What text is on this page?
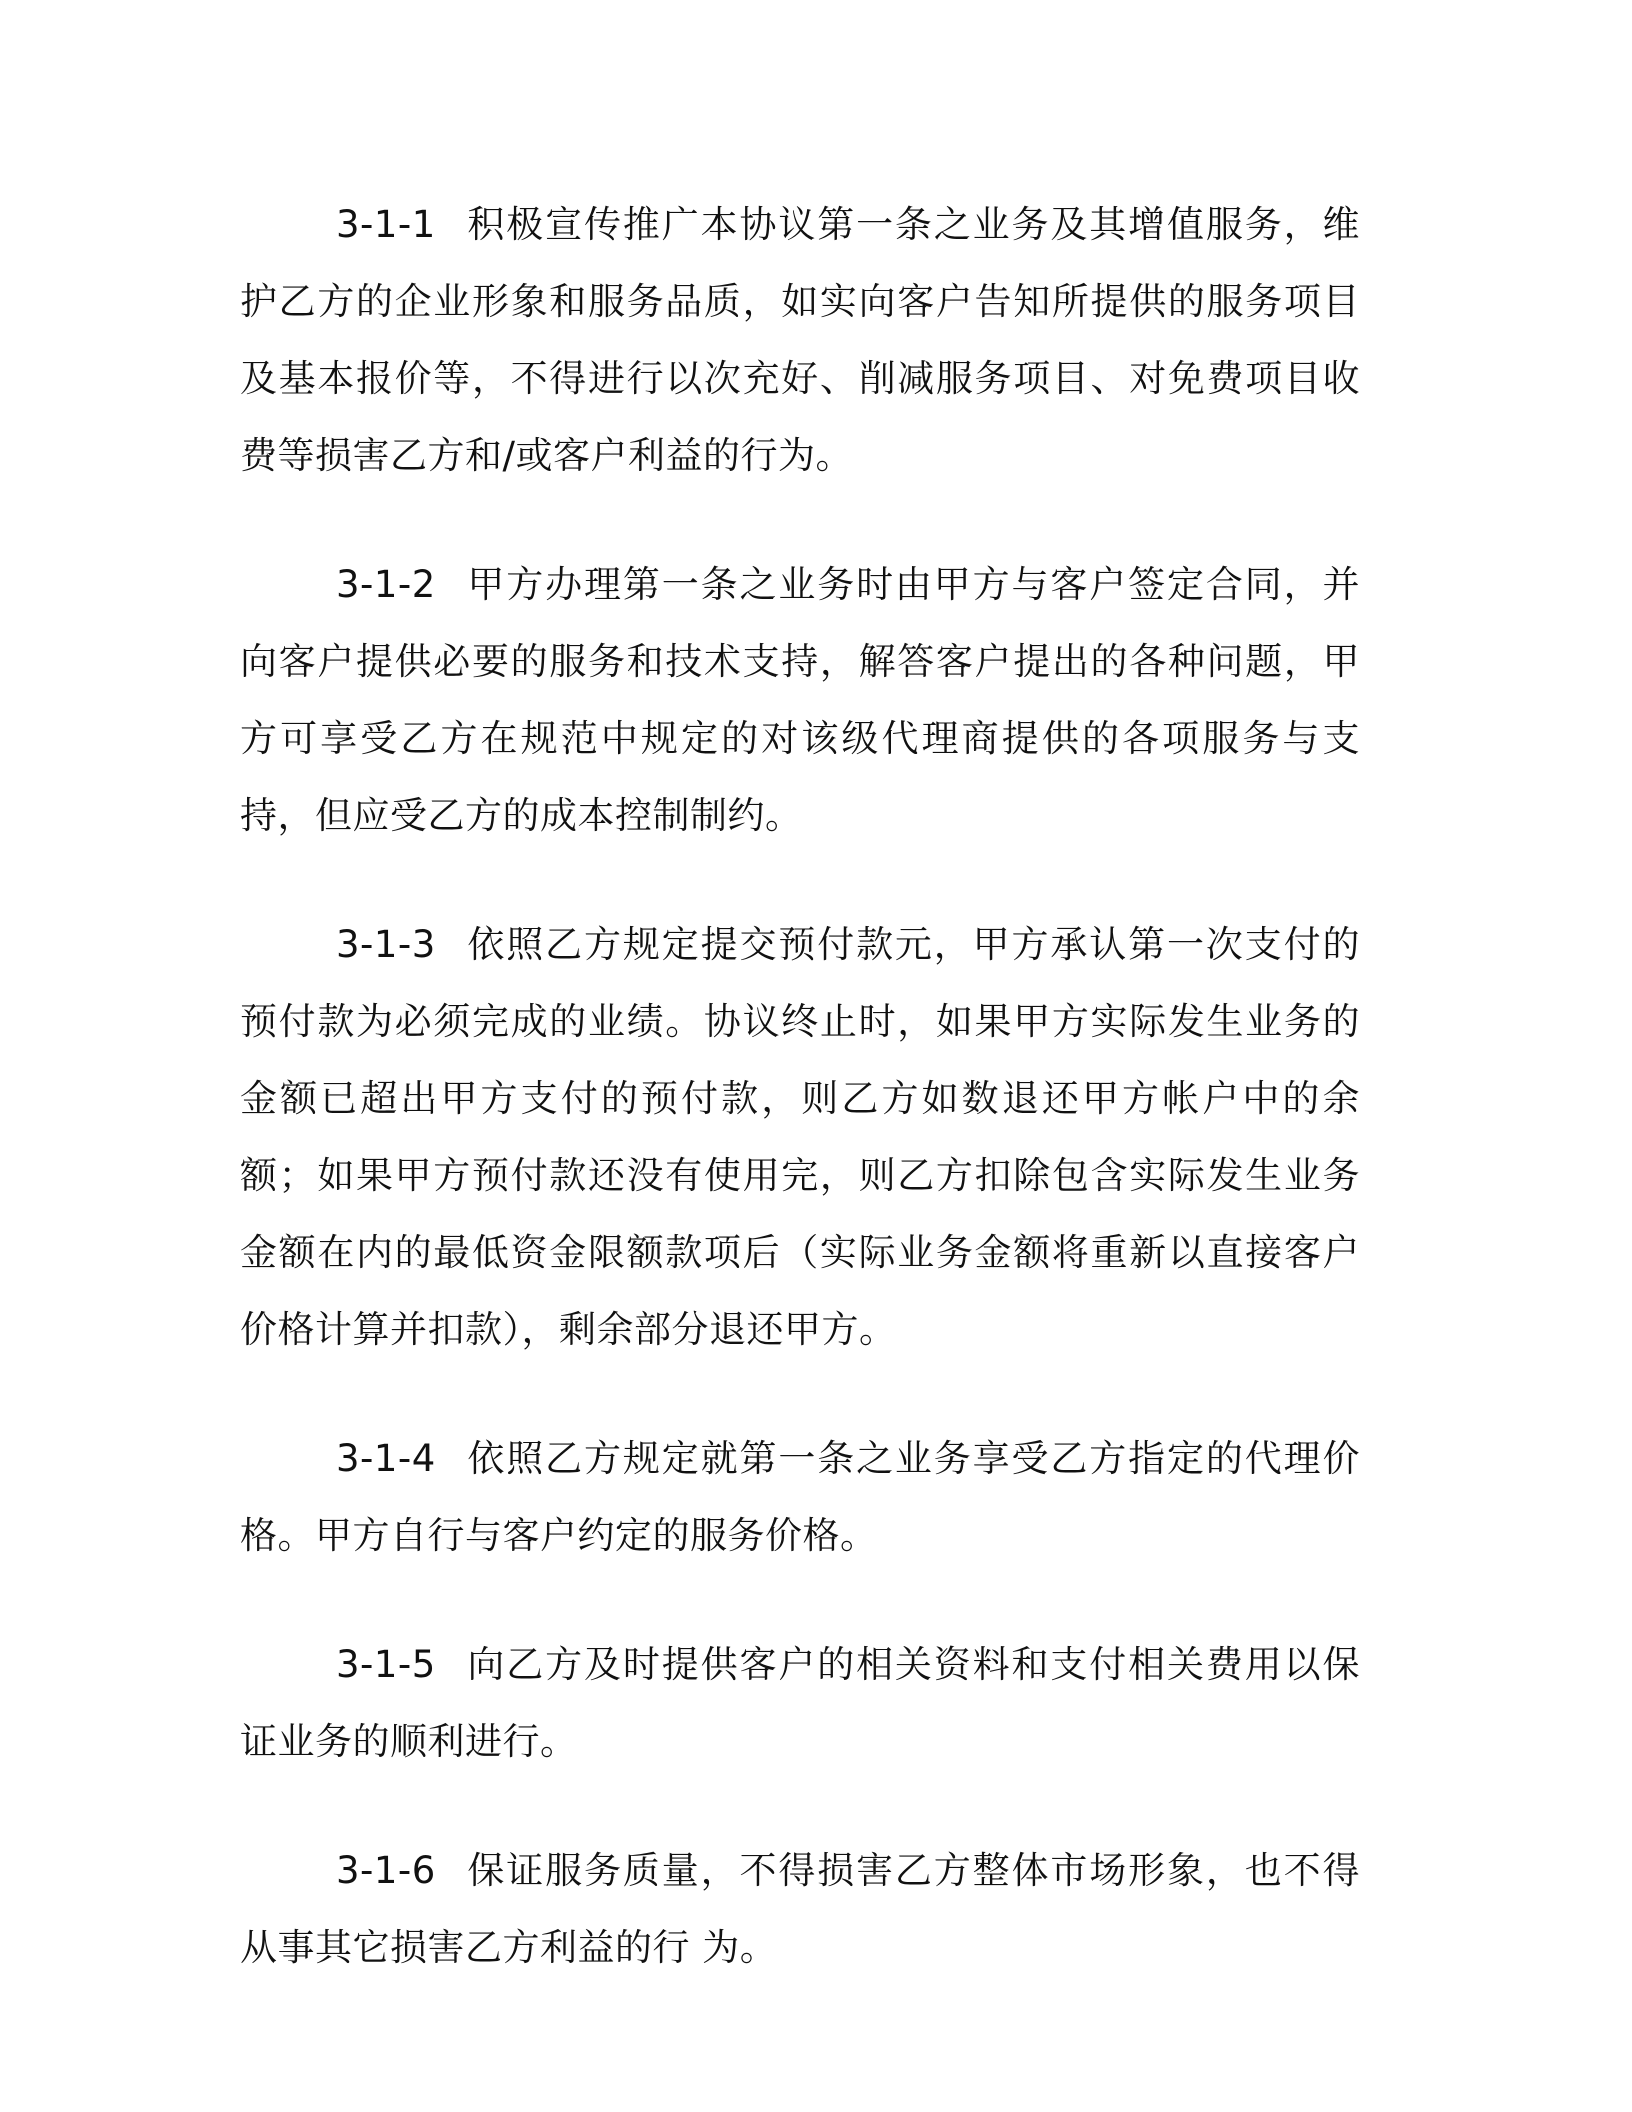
3-1-1 积极宣传推广本协议第一条之业务及其增值服务，维护乙方的企业形象和服务品质，如实向客户告知所提供的服务项目及基本报价等，不得进行以次充好、削减服务项目、对免费项目收费等损害乙方和/或客户利益的行为。

3-1-2 甲方办理第一条之业务时由甲方与客户签定合同，并向客户提供必要的服务和技术支持，解答客户提出的各种问题，甲方可享受乙方在规范中规定的对该级代理商提供的各项服务与支持，但应受乙方的成本控制制约。

3-1-3 依照乙方规定提交预付款元，甲方承认第一次支付的预付款为必须完成的业绩。协议终止时，如果甲方实际发生业务的金额已超出甲方支付的预付款，则乙方如数退还甲方帐户中的余额；如果甲方预付款还没有使用完，则乙方扣除包含实际发生业务金额在内的最低资金限额款项后（实际业务金额将重新以直接客户价格计算并扣款），剩余部分退还甲方。

3-1-4 依照乙方规定就第一条之业务享受乙方指定的代理价格。甲方自行与客户约定的服务价格。

3-1-5 向乙方及时提供客户的相关资料和支付相关费用以保证业务的顺利进行。

3-1-6 保证服务质量，不得损害乙方整体市场形象，也不得从事其它损害乙方利益的行 为。
